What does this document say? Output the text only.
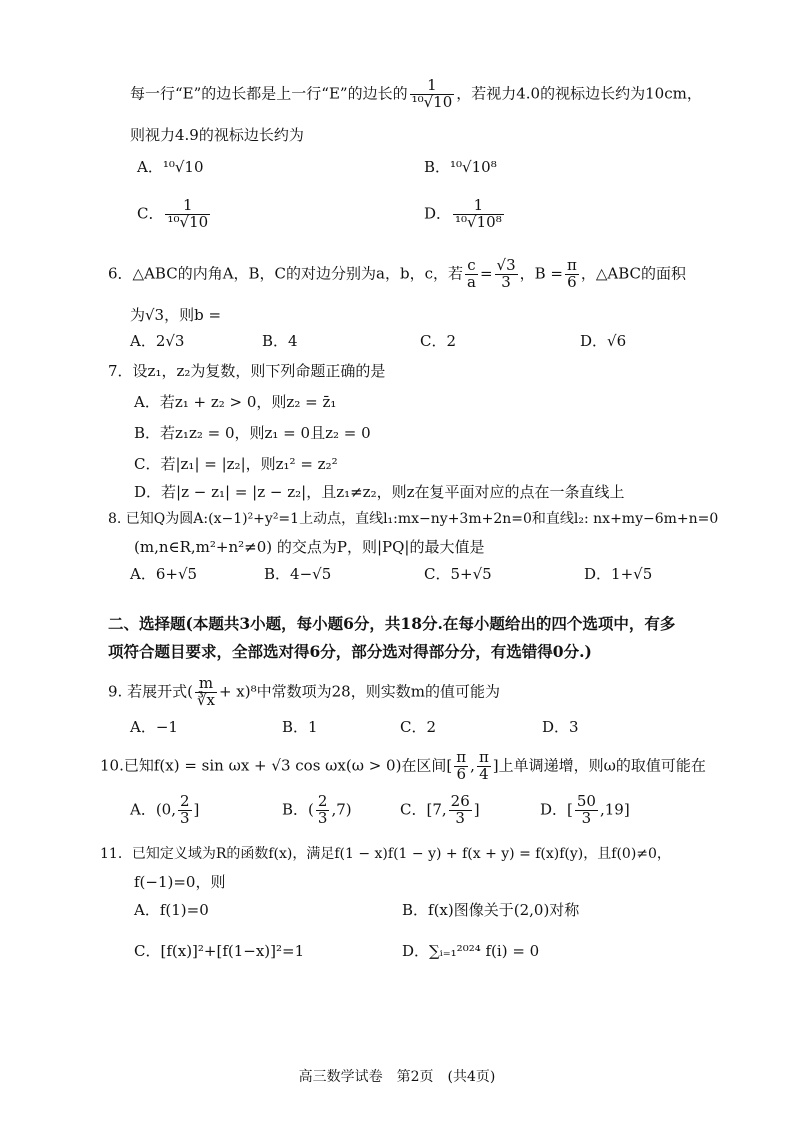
每一行“E”的边长都是上一行“E”的边长的 $\frac{1}{\text{¹⁰√10}}$ ，若视力4.0的视标边长约为10cm，
则视力4.9的视标边长约为
A．¹⁰√10	B．¹⁰√10⁸
C． $\frac{1}{\text{¹⁰√10}}$	D． $\frac{1}{\text{¹⁰√10⁸}}$
6．△ABC的内角A，B，C的对边分别为a，b，c，若 $\frac{c}{a} = \frac{√3}{3}$ ，$B = \frac{\pi}{6}$ ，△ABC的面积
为√3，则b =
A．2√3	B．4	C．2	D．√6
7．设z₁，z₂为复数，则下列命题正确的是
A．若z₁ + z₂ > 0，则z₂ = z̄₁
B．若z₁z₂ = 0，则z₁ = 0且z₂ = 0
C．若|z₁| = |z₂|，则z₁² = z₂²
D．若|z − z₁| = |z − z₂|，且z₁≠z₂，则z在复平面对应的点在一条直线上
8. 已知Q为圆A:(x−1)²+y²=1上动点，直线l₁:mx−ny+3m+2n=0和直线l₂: nx+my−6m+n=0
(m,n∈R,m²+n²≠0) 的交点为P，则|PQ|的最大值是
A．6+√5	B．4−√5	C．5+√5	D．1+√5
二、选择题(本题共3小题，每小题6分，共18分.在每小题给出的四个选项中，有多
项符合题目要求，全部选对得6分，部分选对得部分分，有选错得0分.)
9. 若展开式( $\frac{m}{∛x} + x)^8$中常数项为28，则实数m的值可能为
A．−1	B．1	C．2	D．3
10.已知f(x) = sin ωx + √3 cos ωx(ω > 0)在区间[ $\frac{\pi}{6}$ , $\frac{\pi}{4}$ ]上单调递增，则ω的取值可能在
A．(0, $\frac{2}{3}$ ]	B．( $\frac{2}{3} ,7$)	C．[7, $\frac{26}{3}$ ]	D．[ $\frac{50}{3} ,19$]
11．已知定义域为R的函数f(x)，满足f(1 − x)f(1 − y) + f(x + y) = f(x)f(y)，且f(0)≠0，
f(−1)=0，则
A．f(1)=0	B．f(x)图像关于(2,0)对称
C．[f(x)]²+[f(1−x)]²=1	D．∑ᵢ₌₁²⁰²⁴ f(i) = 0
高三数学试卷　第2页　(共4页)
